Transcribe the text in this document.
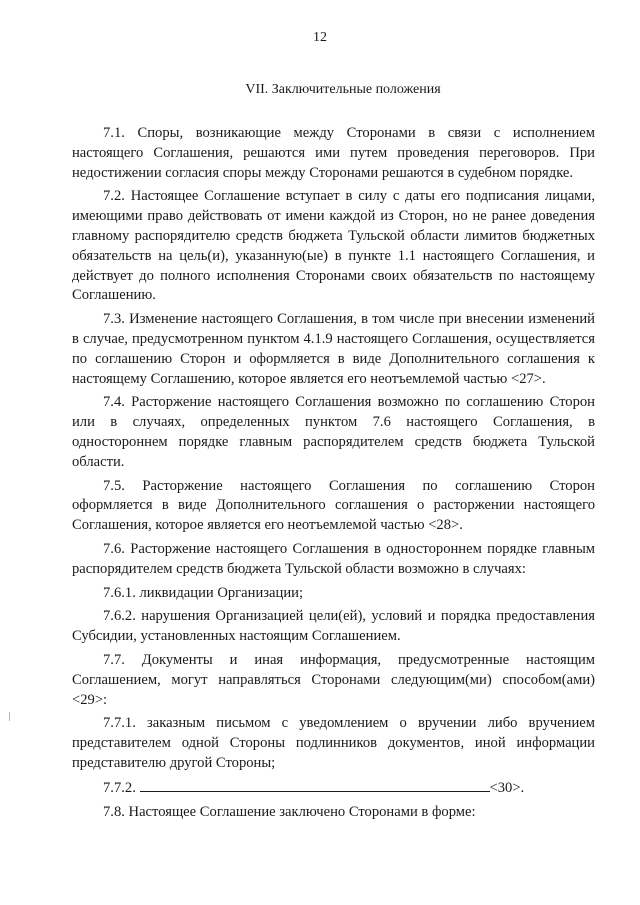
12
VII. Заключительные положения

7.1. Споры, возникающие между Сторонами в связи с исполнением настоящего Соглашения, решаются ими путем проведения переговоров. При недостижении согласия споры между Сторонами решаются в судебном порядке.

7.2. Настоящее Соглашение вступает в силу с даты его подписания лицами, имеющими право действовать от имени каждой из Сторон, но не ранее доведения главному распорядителю средств бюджета Тульской области лимитов бюджетных обязательств на цель(и), указанную(ые) в пункте 1.1 настоящего Соглашения, и действует до полного исполнения Сторонами своих обязательств по настоящему Соглашению.

7.3. Изменение настоящего Соглашения, в том числе при внесении изменений в случае, предусмотренном пунктом 4.1.9 настоящего Соглашения, осуществляется по соглашению Сторон и оформляется в виде Дополнительного соглашения к настоящему Соглашению, которое является его неотъемлемой частью <27>.

7.4. Расторжение настоящего Соглашения возможно по соглашению Сторон или в случаях, определенных пунктом 7.6 настоящего Соглашения, в одностороннем порядке главным распорядителем средств бюджета Тульской области.

7.5. Расторжение настоящего Соглашения по соглашению Сторон оформляется в виде Дополнительного соглашения о расторжении настоящего Соглашения, которое является его неотъемлемой частью <28>.

7.6. Расторжение настоящего Соглашения в одностороннем порядке главным распорядителем средств бюджета Тульской области возможно в случаях:

7.6.1. ликвидации Организации;

7.6.2. нарушения Организацией цели(ей), условий и порядка предоставления Субсидии, установленных настоящим Соглашением.

7.7. Документы и иная информация, предусмотренные настоящим Соглашением, могут направляться Сторонами следующим(ми) способом(ами) <29>:

7.7.1. заказным письмом с уведомлением о вручении либо вручением представителем одной Стороны подлинников документов, иной информации представителю другой Стороны;

7.7.2.	<30>.

7.8. Настоящее Соглашение заключено Сторонами в форме:
